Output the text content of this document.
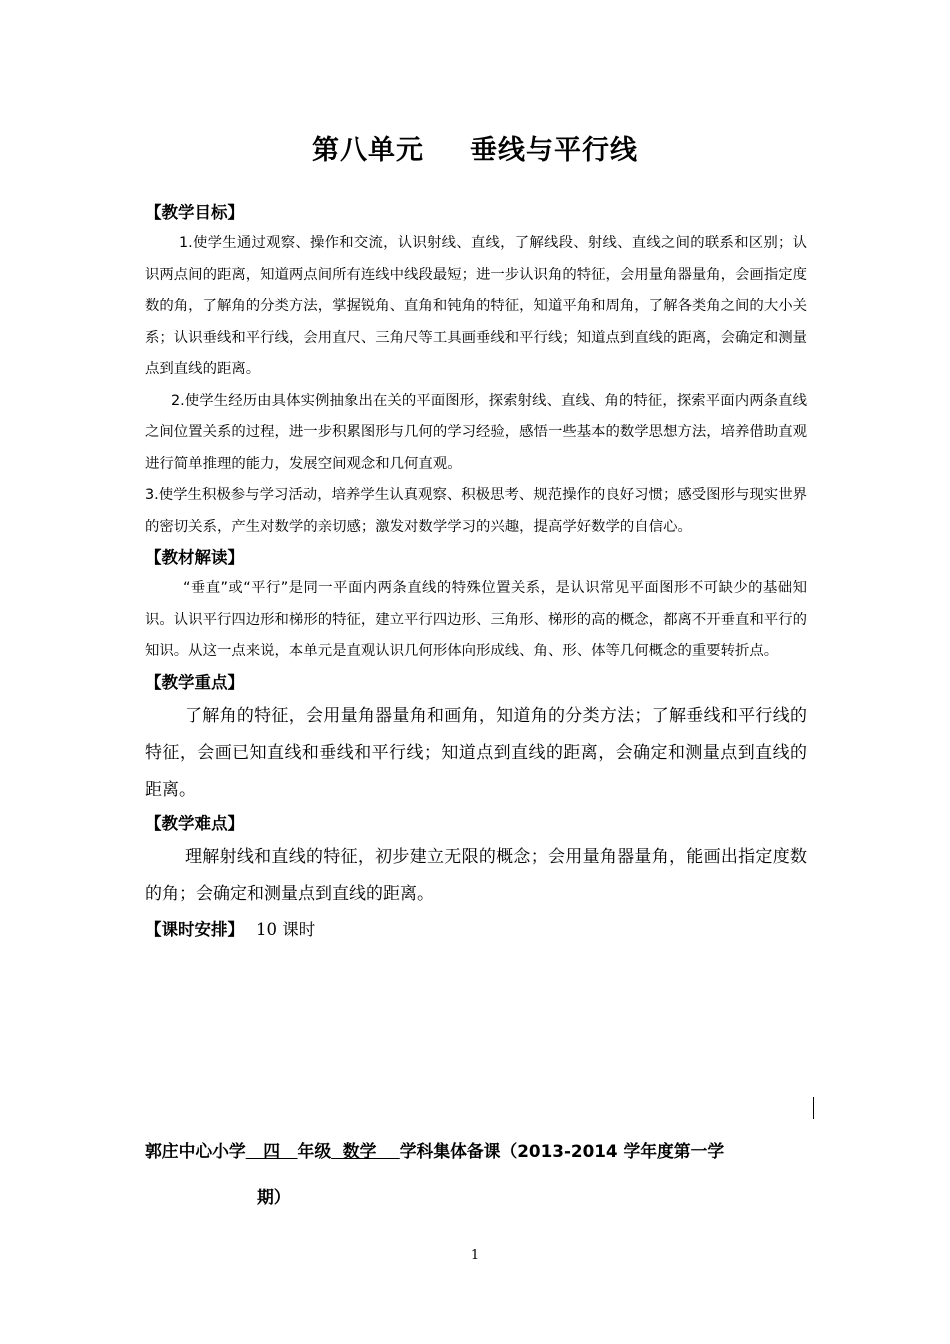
第八单元 垂线与平行线
【教学目标】

1.使学生通过观察、操作和交流，认识射线、直线，了解线段、射线、直线之间的联系和区别；认识两点间的距离，知道两点间所有连线中线段最短；进一步认识角的特征，会用量角器量角，会画指定度数的角，了解角的分类方法，掌握锐角、直角和钝角的特征，知道平角和周角，了解各类角之间的大小关系；认识垂线和平行线，会用直尺、三角尺等工具画垂线和平行线；知道点到直线的距离，会确定和测量点到直线的距离。

2.使学生经历由具体实例抽象出在关的平面图形，探索射线、直线、角的特征，探索平面内两条直线之间位置关系的过程，进一步积累图形与几何的学习经验，感悟一些基本的数学思想方法，培养借助直观进行简单推理的能力，发展空间观念和几何直观。

3.使学生积极参与学习活动，培养学生认真观察、积极思考、规范操作的良好习惯；感受图形与现实世界的密切关系，产生对数学的亲切感；激发对数学学习的兴趣，提高学好数学的自信心。

【教材解读】

“垂直”或“平行”是同一平面内两条直线的特殊位置关系，是认识常见平面图形不可缺少的基础知识。认识平行四边形和梯形的特征，建立平行四边形、三角形、梯形的高的概念，都离不开垂直和平行的知识。从这一点来说，本单元是直观认识几何形体向形成线、角、形、体等几何概念的重要转折点。

【教学重点】

了解角的特征，会用量角器量角和画角，知道角的分类方法；了解垂线和平行线的特征，会画已知直线和垂线和平行线；知道点到直线的距离，会确定和测量点到直线的距离。

【教学难点】

理解射线和直线的特征，初步建立无限的概念；会用量角器量角，能画出指定度数的角；会确定和测量点到直线的距离。

【课时安排】 10 课时
郭庄中心小学   四   年级  数学    学科集体备课（2013-2014 学年度第一学
期）
1
